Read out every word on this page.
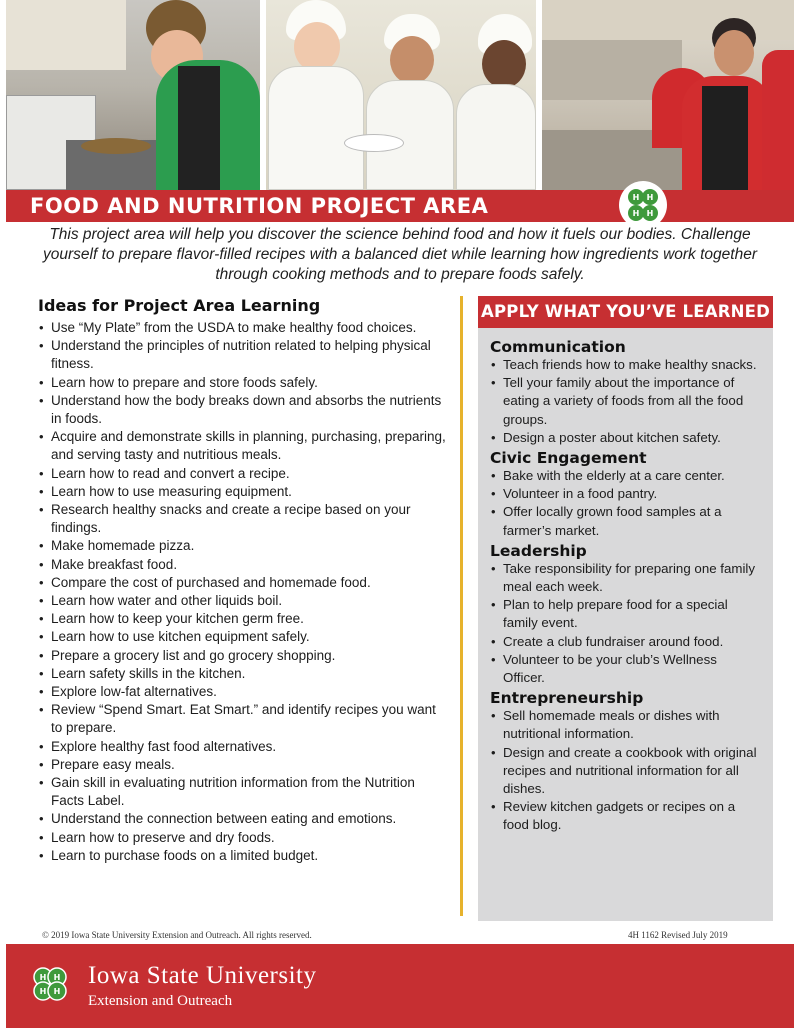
FOOD AND NUTRITION PROJECT AREA	H H
H H

This project area will help you discover the science behind food and how it fuels our bodies. Challenge yourself to prepare flavor-filled recipes with a balanced diet while learning how ingredients work together through cooking methods and to prepare foods safely.

Ideas for Project Area Learning
• Use “My Plate” from the USDA to make healthy food choices.
• Understand the principles of nutrition related to helping physical fitness.
• Learn how to prepare and store foods safely.
• Understand how the body breaks down and absorbs the nutrients in foods.
• Acquire and demonstrate skills in planning, purchasing, preparing, and serving tasty and nutritious meals.
• Learn how to read and convert a recipe.
• Learn how to use measuring equipment.
• Research healthy snacks and create a recipe based on your findings.
• Make homemade pizza.
• Make breakfast food.
• Compare the cost of purchased and homemade food.
• Learn how water and other liquids boil.
• Learn how to keep your kitchen germ free.
• Learn how to use kitchen equipment safely.
• Prepare a grocery list and go grocery shopping.
• Learn safety skills in the kitchen.
• Explore low-fat alternatives.
• Review “Spend Smart. Eat Smart.” and identify recipes you want to prepare.
• Explore healthy fast food alternatives.
• Prepare easy meals.
• Gain skill in evaluating nutrition information from the Nutrition Facts Label.
• Understand the connection between eating and emotions.
• Learn how to preserve and dry foods.
• Learn to purchase foods on a limited budget.
APPLY WHAT YOU’VE LEARNED
Communication
• Teach friends how to make healthy snacks.
• Tell your family about the importance of eating a variety of foods from all the food groups.
• Design a poster about kitchen safety.
Civic Engagement
• Bake with the elderly at a care center.
• Volunteer in a food pantry.
• Offer locally grown food samples at a farmer’s market.
Leadership
• Take responsibility for preparing one family meal each week.
• Plan to help prepare food for a special family event.
• Create a club fundraiser around food.
• Volunteer to be your club’s Wellness Officer.
Entrepreneurship
• Sell homemade meals or dishes with nutritional information.
• Design and create a cookbook with original recipes and nutritional information for all dishes.
• Review kitchen gadgets or recipes on a food blog.
© 2019 Iowa State University Extension and Outreach. All rights reserved.	4H 1162 Revised July 2019
H H
H H
Iowa State University
Extension and Outreach
